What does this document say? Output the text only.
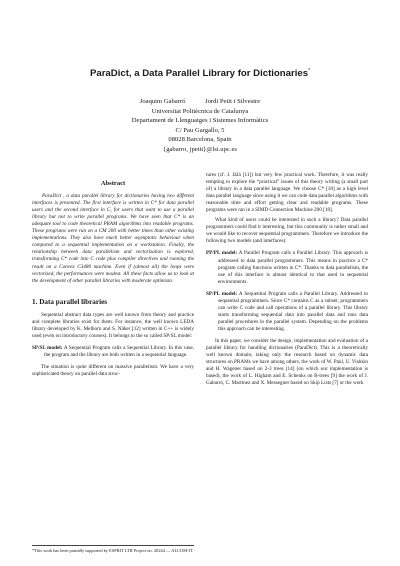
ParaDict, a Data Parallel Library for Dictionaries*
Joaquim Gabarró	Jordi Petit i Silvestre
Universitat Politècnica de Catalunya
Departament de Llenguatges i Sistemes Informàtics
C/ Pau Gargallo, 5
08028 Barcelona, Spain
{gabarro, jpetit}@lsi.upc.es
Abstract

ParaDict , a data parallel library for dictionaries having two different interfaces is presented. The first interface is written in C* for data parallel users and the second interface in C, for users that want to use a parallel library but not to write parallel programs. We have seen that C* is an adequate tool to code theoretical PRAM algorithms into readable programs. These programs were run on a CM 200 with better times than other existing implementations. They also have much better asymptotic behaviour when compared to a sequential implementation on a workstation. Finally, the relationship between data parallelism and vectorization is explored, transforming C* code into C code plus compiler directives and running the result on a Convex C3480 machine. Even if (almost all) the loops were vectorized, the performances were modest. All these facts allow us to look at the development of other parallel libraries with moderate optimism.

1. Data parallel libraries

Sequential abstract data types are well known from theory and practice and complete libraries exist for them. For instance, the well known LEDA library developed by K. Melhorn and S. Näher [12] written in C++ is widely used (even on introductory courses). It belongs to the so called SP/SL model:

SP/SL model: A Sequential Program calls a Sequential Library. In this case, the program and the library are both written in a sequential language.

The situation is quite different on massive parallelism. We have a very sophisticated theory on parallel data struc-

*This work has been partially supported by ESPRIT LTR Project no. 20244 — ALCOM-IT.

tures (cf. J. JáJá [11]) but very few practical work. Therefore, it was really tempting to explore the “practical” issues of this theory writing (a small part of) a library in a data parallel language. We choose C* [18] as a high level data parallel language since using it we can code data parallel algorithms with reasonable time and effort getting clear and readable programs. These programs were ran in a SIMD Connection Machine 200 [10].

What kind of users could be interested in such a library? Data parallel programmers could find it interesting, but this community is rather small and we would like to recover sequential programmers. Therefore we introduce the following two models (and interfaces):

PP/PL model: A Parallel Program calls a Parallel Library. This approach is addressed to data parallel programmers. This means in practice a C* program calling functions written in C*. Thanks to data parallelism, the use of this interface is almost identical to that used in sequential environments.
SP/PL model: A Sequential Program calls a Parallel Library. Addressed to sequential programmers. Since C* contains C as a subset, programmers can write C code and call operations of a parallel library. This library starts transforming sequential data into parallel data and runs data parallel procedures in the parallel system. Depending on the problems this approach can be interesting.

In this paper, we consider the design, implementation and evaluation of a parallel library for handling dictionaries (ParaDict). This is a theoretically well known domain; taking only the research based on dynamic data structures on PRAMs we have among others, the work of W. Paul, U. Vishkin and H. Wagener based on 2-3 trees [14] (on which our implementation is based), the work of L. Higham and E. Schenks on B-trees [9] the work of J. Gabarró, C. Martínez and X. Messeguer based on Skip Lists [7] or the work
